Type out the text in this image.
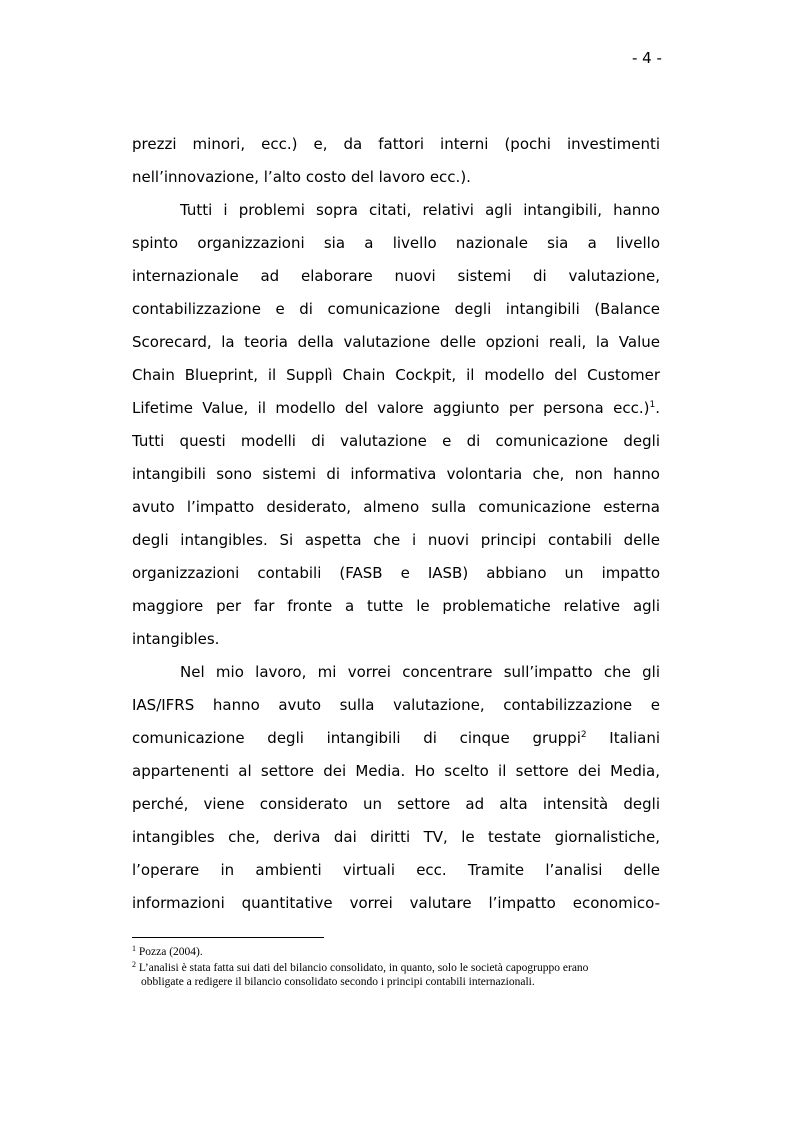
- 4 -
prezzi minori, ecc.) e, da fattori interni (pochi investimenti
nell’innovazione, l’alto costo del lavoro ecc.).
Tutti i problemi sopra citati, relativi agli intangibili, hanno
spinto organizzazioni sia a livello nazionale sia a livello
internazionale ad elaborare nuovi sistemi di valutazione,
contabilizzazione e di comunicazione degli intangibili (Balance
Scorecard, la teoria della valutazione delle opzioni reali, la Value
Chain Blueprint, il Supplì Chain Cockpit, il modello del Customer
Lifetime Value, il modello del valore aggiunto per persona ecc.)$^1$.
Tutti questi modelli di valutazione e di comunicazione degli
intangibili sono sistemi di informativa volontaria che, non hanno
avuto l’impatto desiderato, almeno sulla comunicazione esterna
degli intangibles. Si aspetta che i nuovi principi contabili delle
organizzazioni contabili (FASB e IASB) abbiano un impatto
maggiore per far fronte a tutte le problematiche relative agli
intangibles.
Nel mio lavoro, mi vorrei concentrare sull’impatto che gli
IAS/IFRS hanno avuto sulla valutazione, contabilizzazione e
comunicazione degli intangibili di cinque gruppi$^2$ Italiani
appartenenti al settore dei Media. Ho scelto il settore dei Media,
perché, viene considerato un settore ad alta intensità degli
intangibles che, deriva dai diritti TV, le testate giornalistiche,
l’operare in ambienti virtuali ecc. Tramite l’analisi delle
informazioni quantitative vorrei valutare l’impatto economico-
$^1$ Pozza (2004).
$^2$ L’analisi è stata fatta sui dati del bilancio consolidato, in quanto, solo le società capogruppo erano
obbligate a redigere il bilancio consolidato secondo i principi contabili internazionali.
